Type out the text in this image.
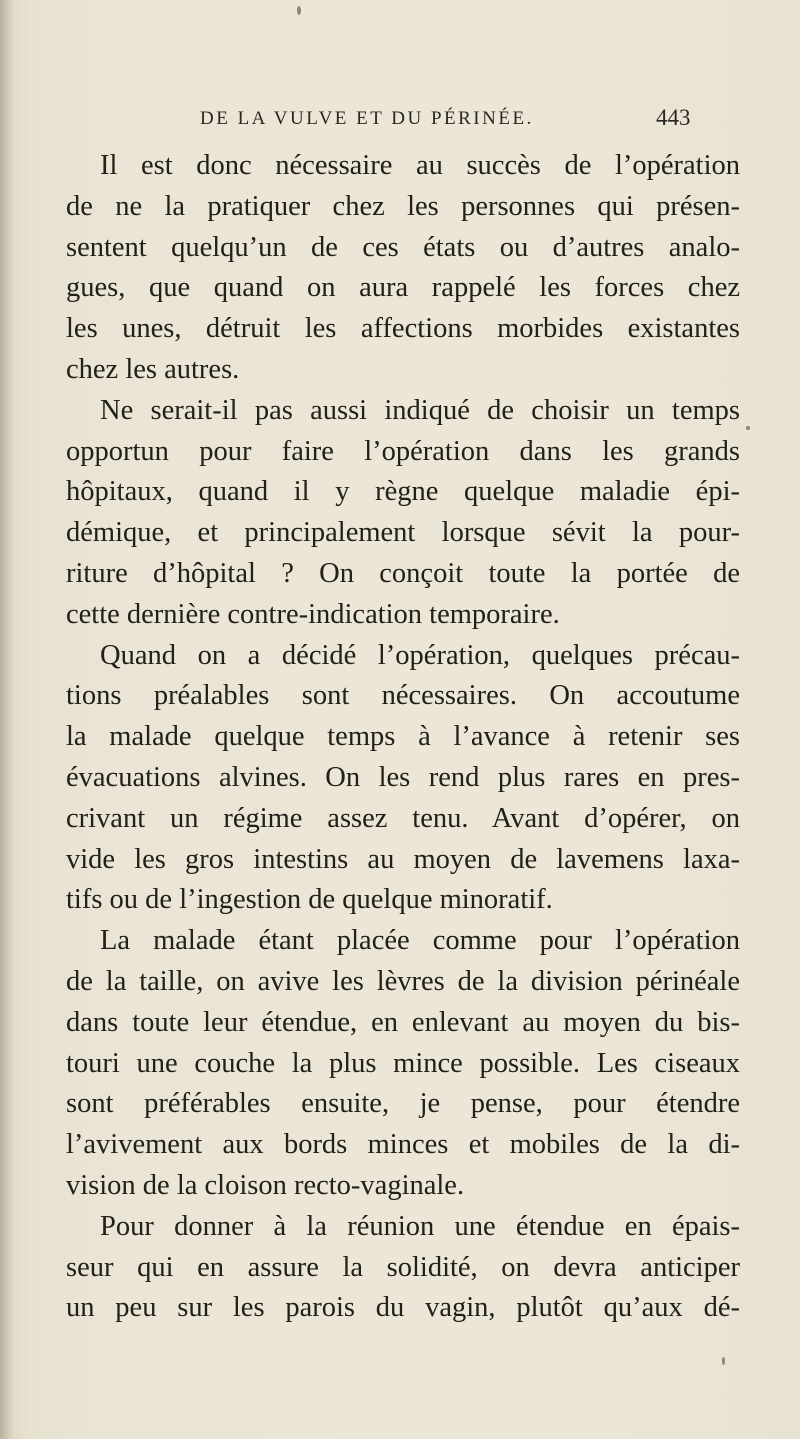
DE LA VULVE ET DU PÉRINÉE.	443
Il est donc nécessaire au succès de l’opération
de ne la pratiquer chez les personnes qui présen-
sentent quelqu’un de ces états ou d’autres analo-
gues, que quand on aura rappelé les forces chez
les unes, détruit les affections morbides existantes
chez les autres.
Ne serait-il pas aussi indiqué de choisir un temps
opportun pour faire l’opération dans les grands
hôpitaux, quand il y règne quelque maladie épi-
démique, et principalement lorsque sévit la pour-
riture d’hôpital ? On conçoit toute la portée de
cette dernière contre-indication temporaire.
Quand on a décidé l’opération, quelques précau-
tions préalables sont nécessaires. On accoutume
la malade quelque temps à l’avance à retenir ses
évacuations alvines. On les rend plus rares en pres-
crivant un régime assez tenu. Avant d’opérer, on
vide les gros intestins au moyen de lavemens laxa-
tifs ou de l’ingestion de quelque minoratif.
La malade étant placée comme pour l’opération
de la taille, on avive les lèvres de la division périnéale
dans toute leur étendue, en enlevant au moyen du bis-
touri une couche la plus mince possible. Les ciseaux
sont préférables ensuite, je pense, pour étendre
l’avivement aux bords minces et mobiles de la di-
vision de la cloison recto-vaginale.
Pour donner à la réunion une étendue en épais-
seur qui en assure la solidité, on devra anticiper
un peu sur les parois du vagin, plutôt qu’aux dé-
